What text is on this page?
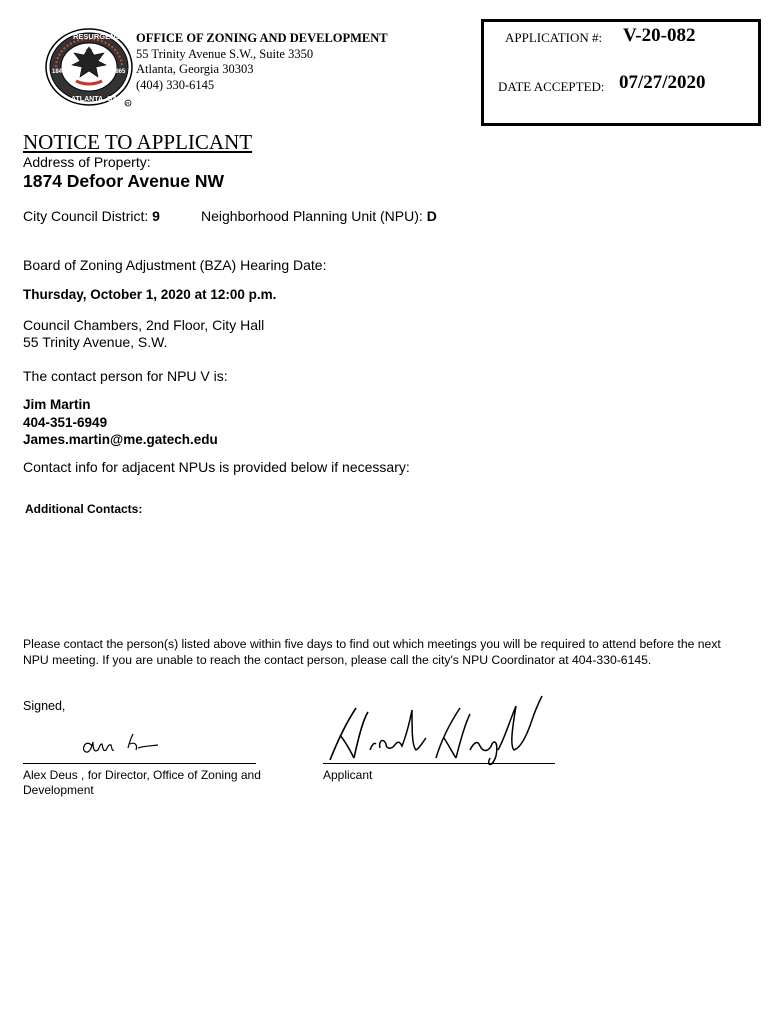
1847	1865
RESURGENS
ATLANTA, GA
R
OFFICE OF ZONING AND DEVELOPMENT
55 Trinity Avenue S.W., Suite 3350
Atlanta, Georgia 30303
(404) 330-6145
APPLICATION #: V-20-082
DATE ACCEPTED: 07/27/2020
NOTICE TO APPLICANT
Address of Property:
1874 Defoor Avenue NW
City Council District: 9	Neighborhood Planning Unit (NPU): D
Board of Zoning Adjustment (BZA) Hearing Date:
Thursday, October 1, 2020 at 12:00 p.m.
Council Chambers, 2nd Floor, City Hall
55 Trinity Avenue, S.W.
The contact person for NPU V is:
Jim Martin
404-351-6949
James.martin@me.gatech.edu
Contact info for adjacent NPUs is provided below if necessary:
Additional Contacts:
Please contact the person(s) listed above within five days to find out which meetings you will be required to attend before the next NPU meeting. If you are unable to reach the contact person, please call the city's NPU Coordinator at 404-330-6145.
Signed,
Alex Deus , for Director, Office of Zoning and Development
Applicant
